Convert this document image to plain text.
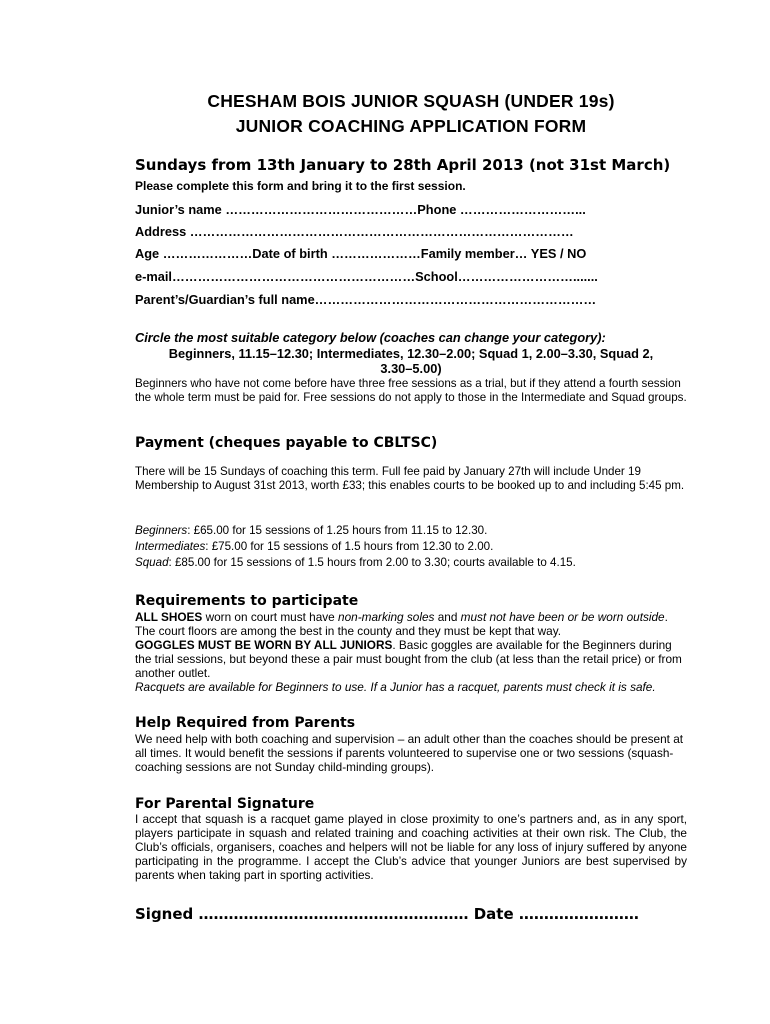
CHESHAM BOIS JUNIOR SQUASH (UNDER 19s)
JUNIOR COACHING APPLICATION FORM
Sundays from 13th January to 28th April 2013 (not 31st March)
Please complete this form and bring it to the first session.
Junior’s name ………………………………………Phone ………………………...
Address ………………………………………………………………………………
Age …………………Date of birth …………………Family member… YES / NO
e-mail…………………………………………………School……………………….......
Parent’s/Guardian’s full name…………………………………………………………
Circle the most suitable category below (coaches can change your category):
Beginners, 11.15–12.30; Intermediates, 12.30–2.00; Squad 1, 2.00–3.30, Squad 2,
3.30–5.00)
Beginners who have not come before have three free sessions as a trial, but if they attend a fourth session the whole term must be paid for. Free sessions do not apply to those in the Intermediate and Squad groups.
Payment (cheques payable to CBLTSC)
There will be 15 Sundays of coaching this term. Full fee paid by January 27th will include Under 19 Membership to August 31st 2013, worth £33; this enables courts to be booked up to and including 5:45 pm.
Beginners: £65.00 for 15 sessions of 1.25 hours from 11.15 to 12.30.
Intermediates: £75.00 for 15 sessions of 1.5 hours from 12.30 to 2.00.
Squad: £85.00 for 15 sessions of 1.5 hours from 2.00 to 3.30; courts available to 4.15.
Requirements to participate
ALL SHOES worn on court must have non-marking soles and must not have been or be worn outside. The court floors are among the best in the county and they must be kept that way.
GOGGLES MUST BE WORN BY ALL JUNIORS. Basic goggles are available for the Beginners during the trial sessions, but beyond these a pair must bought from the club (at less than the retail price) or from another outlet.
Racquets are available for Beginners to use. If a Junior has a racquet, parents must check it is safe.
Help Required from Parents
We need help with both coaching and supervision – an adult other than the coaches should be present at all times. It would benefit the sessions if parents volunteered to supervise one or two sessions (squash-coaching sessions are not Sunday child-minding groups).
For Parental Signature
I accept that squash is a racquet game played in close proximity to one’s partners and, as in any sport, players participate in squash and related training and coaching activities at their own risk. The Club, the Club’s officials, organisers, coaches and helpers will not be liable for any loss of injury suffered by anyone participating in the programme. I accept the Club’s advice that younger Juniors are best supervised by parents when taking part in sporting activities.
Signed ……………………………………………… Date ……………………
